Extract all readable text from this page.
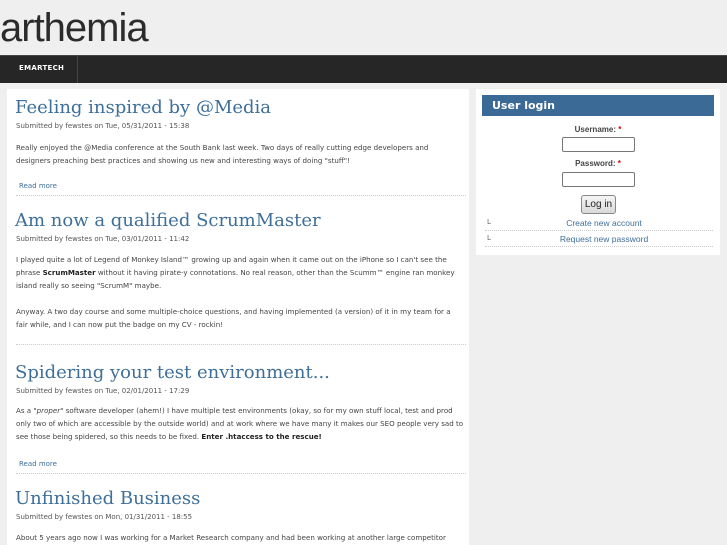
arthemia
EMARTECH
Feeling inspired by @Media
Submitted by fewstes on Tue, 05/31/2011 - 15:38
Really enjoyed the @Media conference at the South Bank last week. Two days of really cutting edge developers and designers preaching best practices and showing us new and interesting ways of doing "stuff"!
Read more
Am now a qualified ScrumMaster
Submitted by fewstes on Tue, 03/01/2011 - 11:42
I played quite a lot of Legend of Monkey Island™ growing up and again when it came out on the iPhone so I can't see the phrase ScrumMaster without it having pirate-y connotations. No real reason, other than the Scumm™ engine ran monkey island really so seeing "ScrumM" maybe.
Anyway. A two day course and some multiple-choice questions, and having implemented (a version) of it in my team for a fair while, and I can now put the badge on my CV - rockin!
Spidering your test environment...
Submitted by fewstes on Tue, 02/01/2011 - 17:29
As a "proper" software developer (ahem!) I have multiple test environments (okay, so for my own stuff local, test and prod only two of which are accessible by the outside world) and at work where we have many it makes our SEO people very sad to see those being spidered, so this needs to be fixed. Enter .htaccess to the rescue!
Read more
Unfinished Business
Submitted by fewstes on Mon, 01/31/2011 - 18:55
About 5 years ago now I was working for a Market Research company and had been working at another large competitor
User login
Username: *
Password: *
Log in
L	Create new account
L	Request new password
